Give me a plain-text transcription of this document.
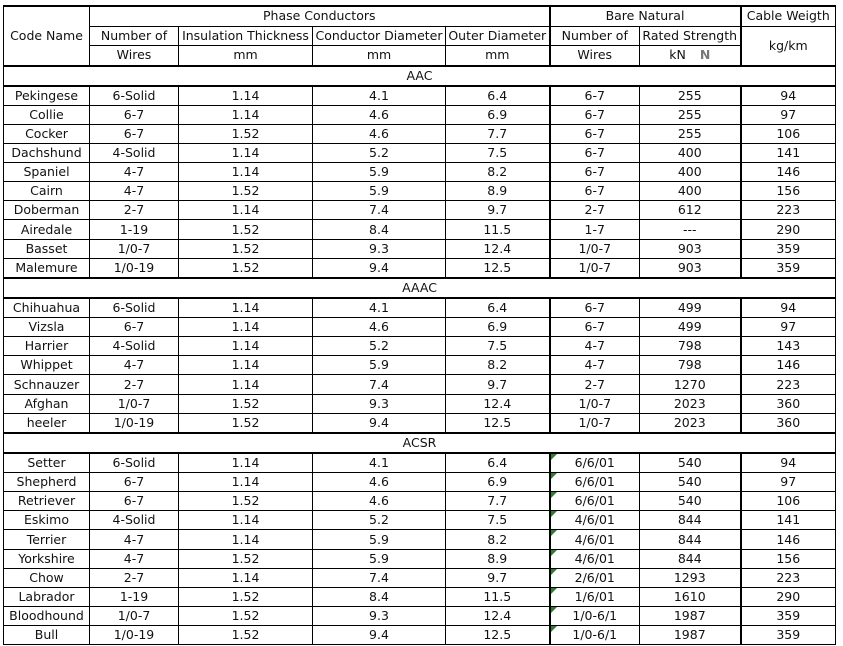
Code Name	Phase Conductors				Bare Natural		Cable Weigth
	Number of	Insulation Thickness	Conductor Diameter	Outer Diameter	Number of	Rated Strength	kg/km
	Wires	mm	mm	mm	Wires	kN N	
AAC							
Pekingese	6-Solid	1.14	4.1	6.4	6-7	255	94
Collie	6-7	1.14	4.6	6.9	6-7	255	97
Cocker	6-7	1.52	4.6	7.7	6-7	255	106
Dachshund	4-Solid	1.14	5.2	7.5	6-7	400	141
Spaniel	4-7	1.14	5.9	8.2	6-7	400	146
Cairn	4-7	1.52	5.9	8.9	6-7	400	156
Doberman	2-7	1.14	7.4	9.7	2-7	612	223
Airedale	1-19	1.52	8.4	11.5	1-7	---	290
Basset	1/0-7	1.52	9.3	12.4	1/0-7	903	359
Malemure	1/0-19	1.52	9.4	12.5	1/0-7	903	359
AAAC							
Chihuahua	6-Solid	1.14	4.1	6.4	6-7	499	94
Vizsla	6-7	1.14	4.6	6.9	6-7	499	97
Harrier	4-Solid	1.14	5.2	7.5	4-7	798	143
Whippet	4-7	1.14	5.9	8.2	4-7	798	146
Schnauzer	2-7	1.14	7.4	9.7	2-7	1270	223
Afghan	1/0-7	1.52	9.3	12.4	1/0-7	2023	360
heeler	1/0-19	1.52	9.4	12.5	1/0-7	2023	360
ACSR							
Setter	6-Solid	1.14	4.1	6.4	6/6/01	540	94
Shepherd	6-7	1.14	4.6	6.9	6/6/01	540	97
Retriever	6-7	1.52	4.6	7.7	6/6/01	540	106
Eskimo	4-Solid	1.14	5.2	7.5	4/6/01	844	141
Terrier	4-7	1.14	5.9	8.2	4/6/01	844	146
Yorkshire	4-7	1.52	5.9	8.9	4/6/01	844	156
Chow	2-7	1.14	7.4	9.7	2/6/01	1293	223
Labrador	1-19	1.52	8.4	11.5	1/6/01	1610	290
Bloodhound	1/0-7	1.52	9.3	12.4	1/0-6/1	1987	359
Bull	1/0-19	1.52	9.4	12.5	1/0-6/1	1987	359
